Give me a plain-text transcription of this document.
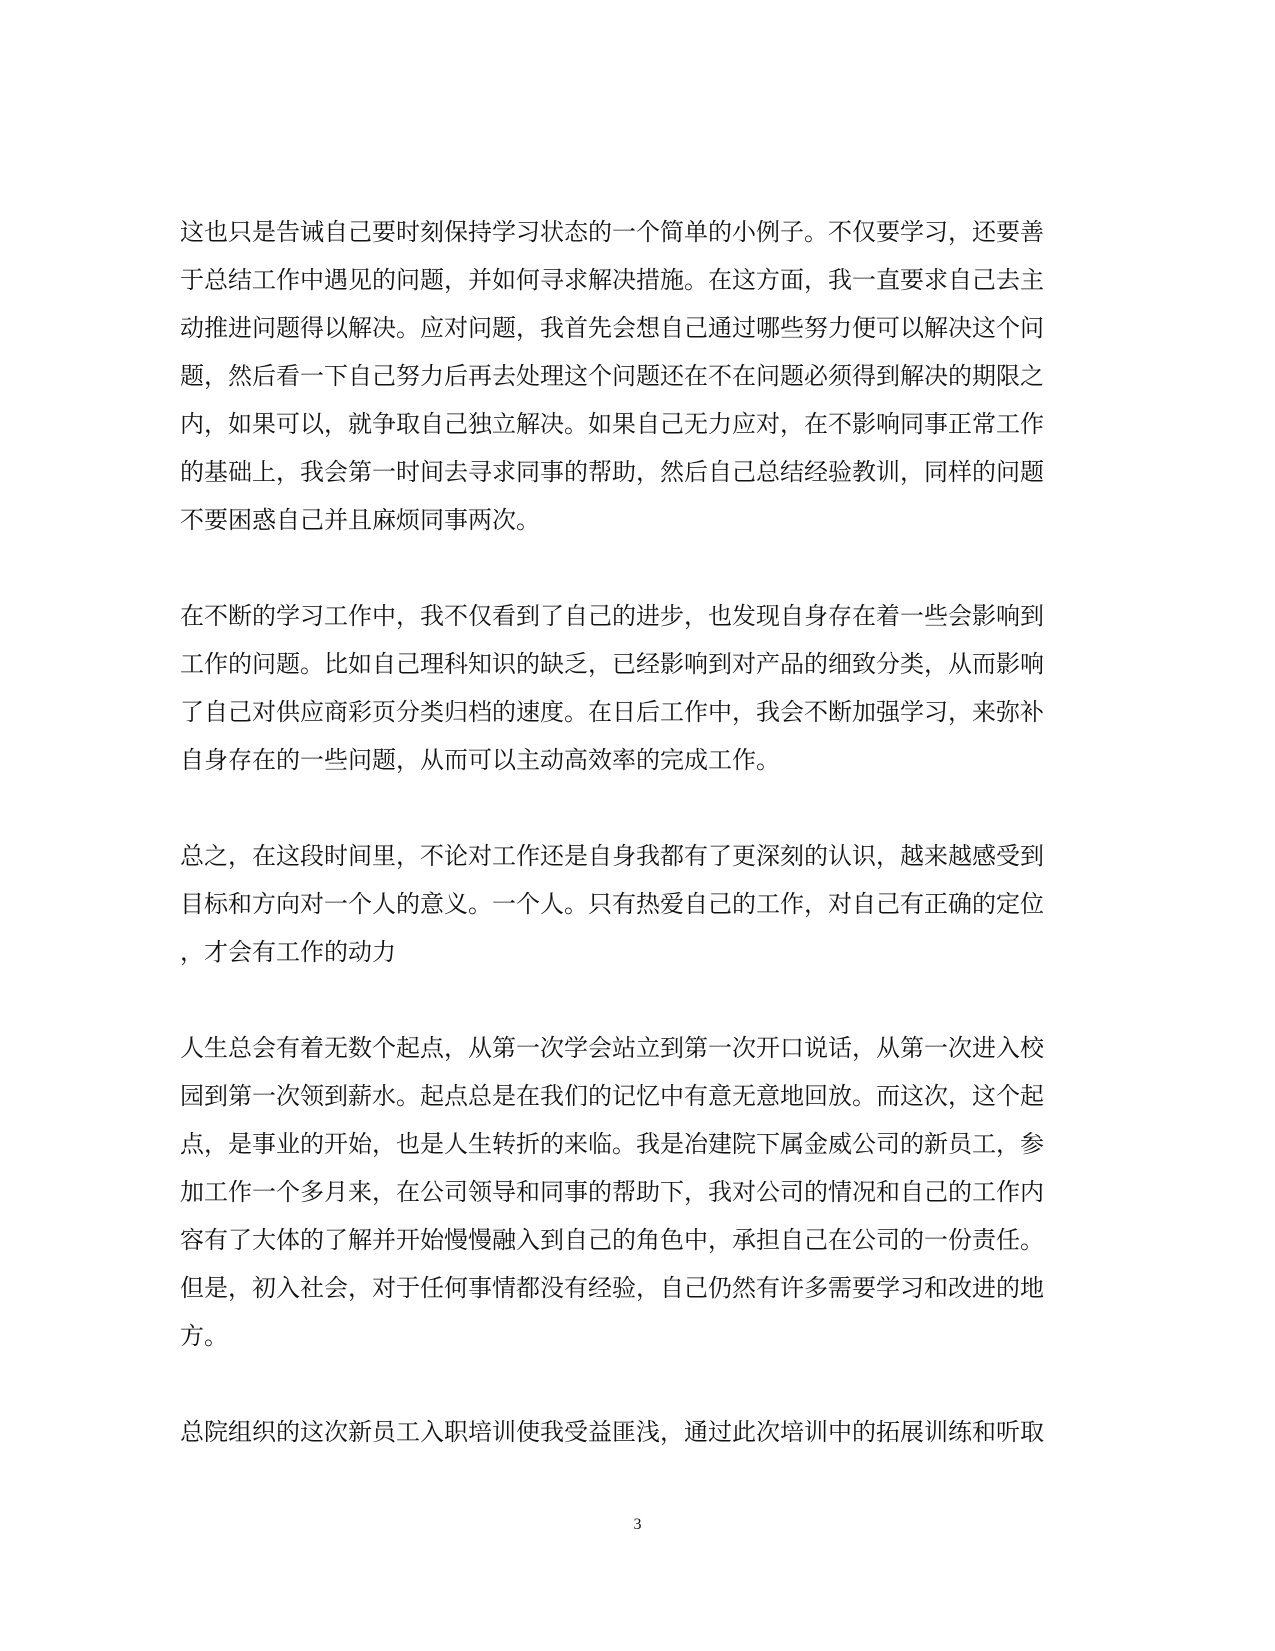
这也只是告诫自己要时刻保持学习状态的一个简单的小例子。不仅要学习，还要善
于总结工作中遇见的问题，并如何寻求解决措施。在这方面，我一直要求自己去主
动推进问题得以解决。应对问题，我首先会想自己通过哪些努力便可以解决这个问
题，然后看一下自己努力后再去处理这个问题还在不在问题必须得到解决的期限之
内，如果可以，就争取自己独立解决。如果自己无力应对，在不影响同事正常工作
的基础上，我会第一时间去寻求同事的帮助，然后自己总结经验教训，同样的问题
不要困惑自己并且麻烦同事两次。
在不断的学习工作中，我不仅看到了自己的进步，也发现自身存在着一些会影响到
工作的问题。比如自己理科知识的缺乏，已经影响到对产品的细致分类，从而影响
了自己对供应商彩页分类归档的速度。在日后工作中，我会不断加强学习，来弥补
自身存在的一些问题，从而可以主动高效率的完成工作。
总之，在这段时间里，不论对工作还是自身我都有了更深刻的认识，越来越感受到
目标和方向对一个人的意义。一个人。只有热爱自己的工作，对自己有正确的定位
，才会有工作的动力
人生总会有着无数个起点，从第一次学会站立到第一次开口说话，从第一次进入校
园到第一次领到薪水。起点总是在我们的记忆中有意无意地回放。而这次，这个起
点，是事业的开始，也是人生转折的来临。我是冶建院下属金威公司的新员工，参
加工作一个多月来，在公司领导和同事的帮助下，我对公司的情况和自己的工作内
容有了大体的了解并开始慢慢融入到自己的角色中，承担自己在公司的一份责任。
但是，初入社会，对于任何事情都没有经验，自己仍然有许多需要学习和改进的地
方。
总院组织的这次新员工入职培训使我受益匪浅，通过此次培训中的拓展训练和听取
3
